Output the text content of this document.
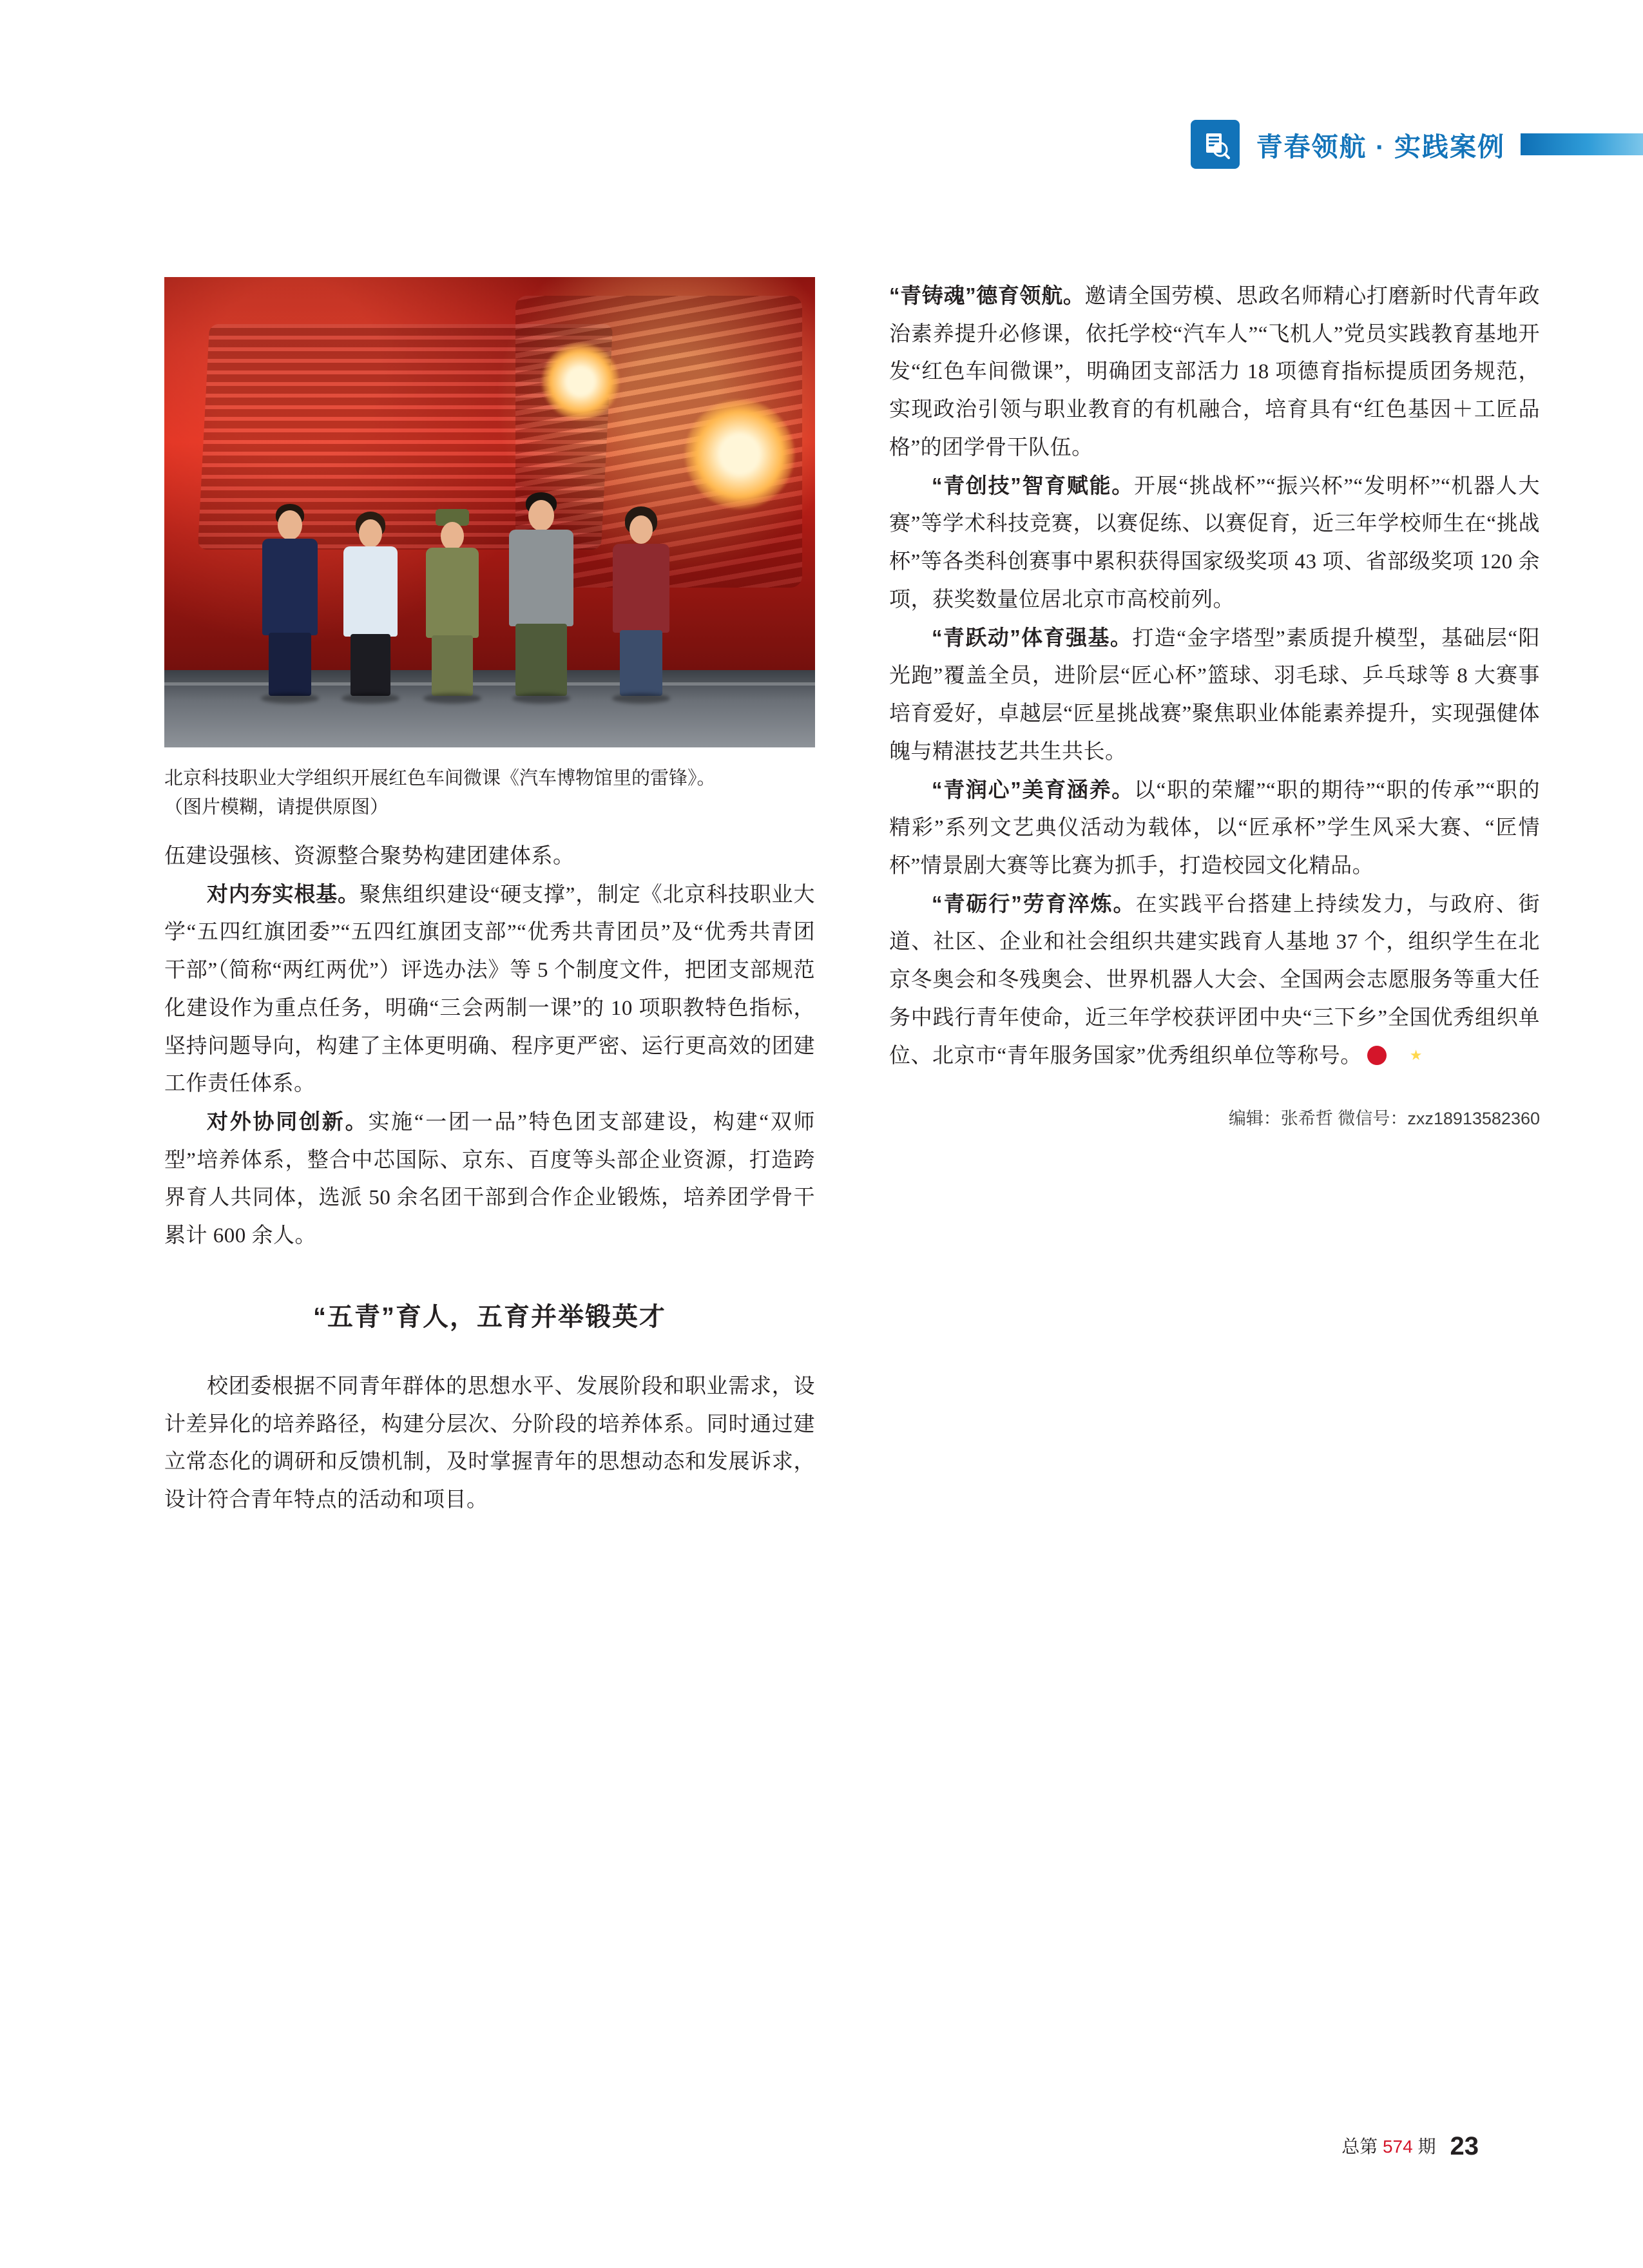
青春领航 · 实践案例
北京科技职业大学组织开展红色车间微课《汽车博物馆里的雷锋》。
（图片模糊，请提供原图）

伍建设强核、资源整合聚势构建团建体系。

对内夯实根基。聚焦组织建设“硬支撑”，制定《北京科技职业大学“五四红旗团委”“五四红旗团支部”“优秀共青团员”及“优秀共青团干部”（简称“两红两优”）评选办法》等 5 个制度文件，把团支部规范化建设作为重点任务，明确“三会两制一课”的 10 项职教特色指标，坚持问题导向，构建了主体更明确、程序更严密、运行更高效的团建工作责任体系。

对外协同创新。实施“一团一品”特色团支部建设，构建“双师型”培养体系，整合中芯国际、京东、百度等头部企业资源，打造跨界育人共同体，选派 50 余名团干部到合作企业锻炼，培养团学骨干累计 600 余人。

“五青”育人，五育并举锻英才

校团委根据不同青年群体的思想水平、发展阶段和职业需求，设计差异化的培养路径，构建分层次、分阶段的培养体系。同时通过建立常态化的调研和反馈机制，及时掌握青年的思想动态和发展诉求，设计符合青年特点的活动和项目。

“青铸魂”德育领航。邀请全国劳模、思政名师精心打磨新时代青年政治素养提升必修课，依托学校“汽车人”“飞机人”党员实践教育基地开发“红色车间微课”，明确团支部活力 18 项德育指标提质团务规范，实现政治引领与职业教育的有机融合，培育具有“红色基因＋工匠品格”的团学骨干队伍。

“青创技”智育赋能。开展“挑战杯”“振兴杯”“发明杯”“机器人大赛”等学术科技竞赛，以赛促练、以赛促育，近三年学校师生在“挑战杯”等各类科创赛事中累积获得国家级奖项 43 项、省部级奖项 120 余项，获奖数量位居北京市高校前列。

“青跃动”体育强基。打造“金字塔型”素质提升模型，基础层“阳光跑”覆盖全员，进阶层“匠心杯”篮球、羽毛球、乒乓球等 8 大赛事培育爱好，卓越层“匠星挑战赛”聚焦职业体能素养提升，实现强健体魄与精湛技艺共生共长。

“青润心”美育涵养。以“职的荣耀”“职的期待”“职的传承”“职的精彩”系列文艺典仪活动为载体，以“匠承杯”学生风采大赛、“匠情杯”情景剧大赛等比赛为抓手，打造校园文化精品。

“青砺行”劳育淬炼。在实践平台搭建上持续发力，与政府、街道、社区、企业和社会组织共建实践育人基地 37 个，组织学生在北京冬奥会和冬残奥会、世界机器人大会、全国两会志愿服务等重大任务中践行青年使命，近三年学校获评团中央“三下乡”全国优秀组织单位、北京市“青年服务国家”优秀组织单位等称号。★

编辑：张希哲 微信号：zxz18913582360
总第 574 期 23
